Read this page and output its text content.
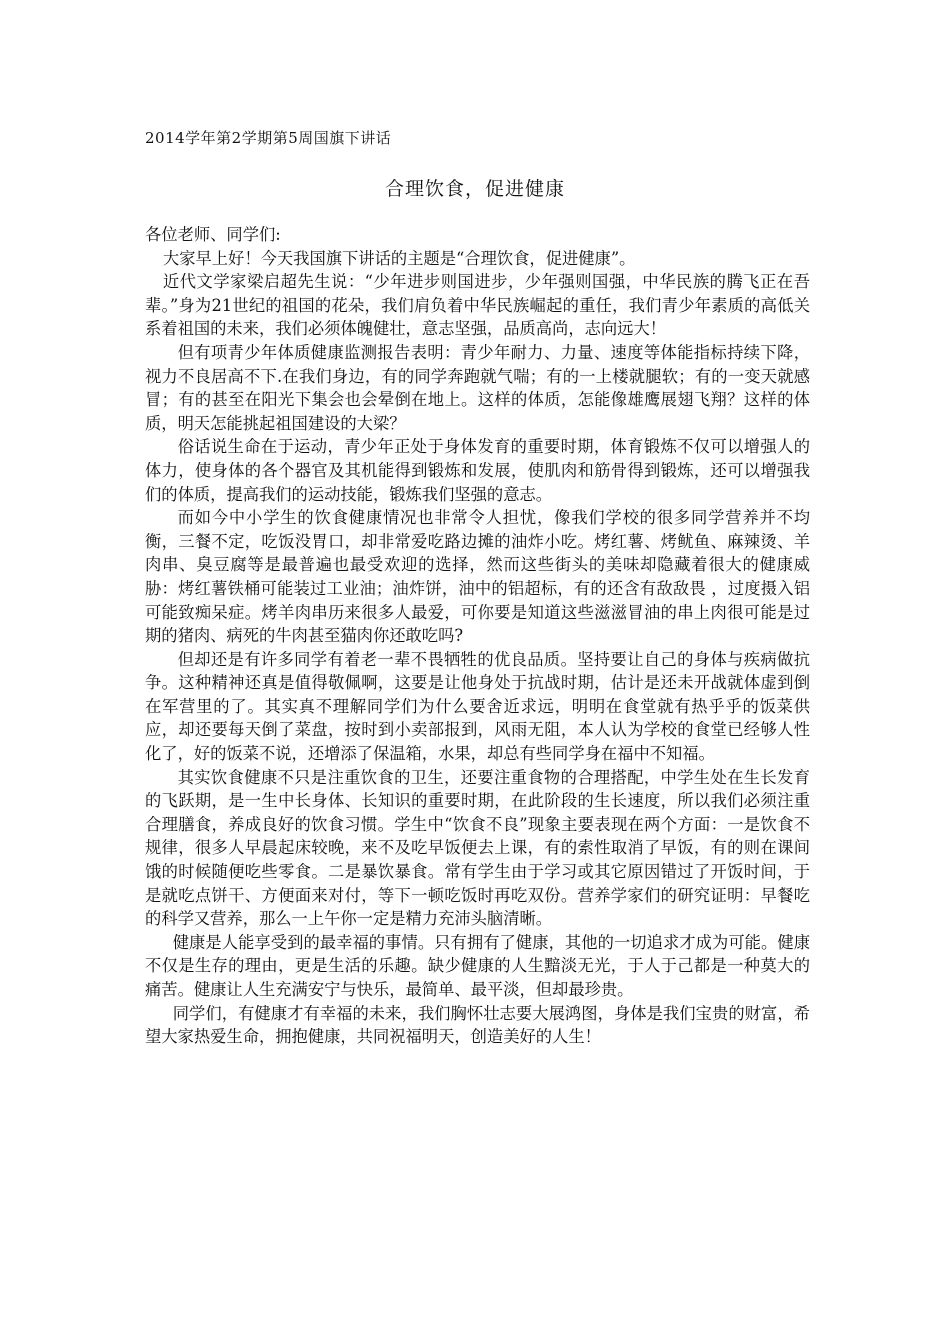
2014学年第2学期第5周国旗下讲话
合理饮食，促进健康

各位老师、同学们:

大家早上好！今天我国旗下讲话的主题是“合理饮食，促进健康”。

近代文学家梁启超先生说：“少年进步则国进步，少年强则国强，中华民族的腾飞正在吾辈。”身为21世纪的祖国的花朵，我们肩负着中华民族崛起的重任，我们青少年素质的高低关系着祖国的未来，我们必须体魄健壮，意志坚强，品质高尚，志向远大！

但有项青少年体质健康监测报告表明：青少年耐力、力量、速度等体能指标持续下降，视力不良居高不下.在我们身边，有的同学奔跑就气喘；有的一上楼就腿软；有的一变天就感冒；有的甚至在阳光下集会也会晕倒在地上。这样的体质，怎能像雄鹰展翅飞翔？这样的体质，明天怎能挑起祖国建设的大梁？

俗话说生命在于运动，青少年正处于身体发育的重要时期，体育锻炼不仅可以增强人的体力，使身体的各个器官及其机能得到锻炼和发展，使肌肉和筋骨得到锻炼，还可以增强我们的体质，提高我们的运动技能，锻炼我们坚强的意志。

而如今中小学生的饮食健康情况也非常令人担忧，像我们学校的很多同学营养并不均衡，三餐不定，吃饭没胃口，却非常爱吃路边摊的油炸小吃。烤红薯、烤鱿鱼、麻辣烫、羊肉串、臭豆腐等是最普遍也最受欢迎的选择，然而这些街头的美味却隐藏着很大的健康威胁：烤红薯铁桶可能装过工业油；油炸饼，油中的铝超标，有的还含有敌敌畏 ，过度摄入铝可能致痴呆症。烤羊肉串历来很多人最爱，可你要是知道这些滋滋冒油的串上肉很可能是过期的猪肉、病死的牛肉甚至猫肉你还敢吃吗?

但却还是有许多同学有着老一辈不畏牺牲的优良品质。坚持要让自己的身体与疾病做抗争。这种精神还真是值得敬佩啊，这要是让他身处于抗战时期，估计是还未开战就体虚到倒在军营里的了。其实真不理解同学们为什么要舍近求远，明明在食堂就有热乎乎的饭菜供应，却还要每天倒了菜盘，按时到小卖部报到，风雨无阻，本人认为学校的食堂已经够人性化了，好的饭菜不说，还增添了保温箱，水果，却总有些同学身在福中不知福。

其实饮食健康不只是注重饮食的卫生，还要注重食物的合理搭配，中学生处在生长发育的飞跃期，是一生中长身体、长知识的重要时期，在此阶段的生长速度，所以我们必须注重合理膳食，养成良好的饮食习惯。学生中“饮食不良”现象主要表现在两个方面：一是饮食不规律，很多人早晨起床较晚，来不及吃早饭便去上课，有的索性取消了早饭，有的则在课间饿的时候随便吃些零食。二是暴饮暴食。常有学生由于学习或其它原因错过了开饭时间，于是就吃点饼干、方便面来对付，等下一顿吃饭时再吃双份。营养学家们的研究证明：早餐吃的科学又营养，那么一上午你一定是精力充沛头脑清晰。

健康是人能享受到的最幸福的事情。只有拥有了健康，其他的一切追求才成为可能。健康不仅是生存的理由，更是生活的乐趣。缺少健康的人生黯淡无光，于人于己都是一种莫大的痛苦。健康让人生充满安宁与快乐，最简单、最平淡，但却最珍贵。

同学们，有健康才有幸福的未来，我们胸怀壮志要大展鸿图，身体是我们宝贵的财富，希望大家热爱生命，拥抱健康，共同祝福明天，创造美好的人生！
